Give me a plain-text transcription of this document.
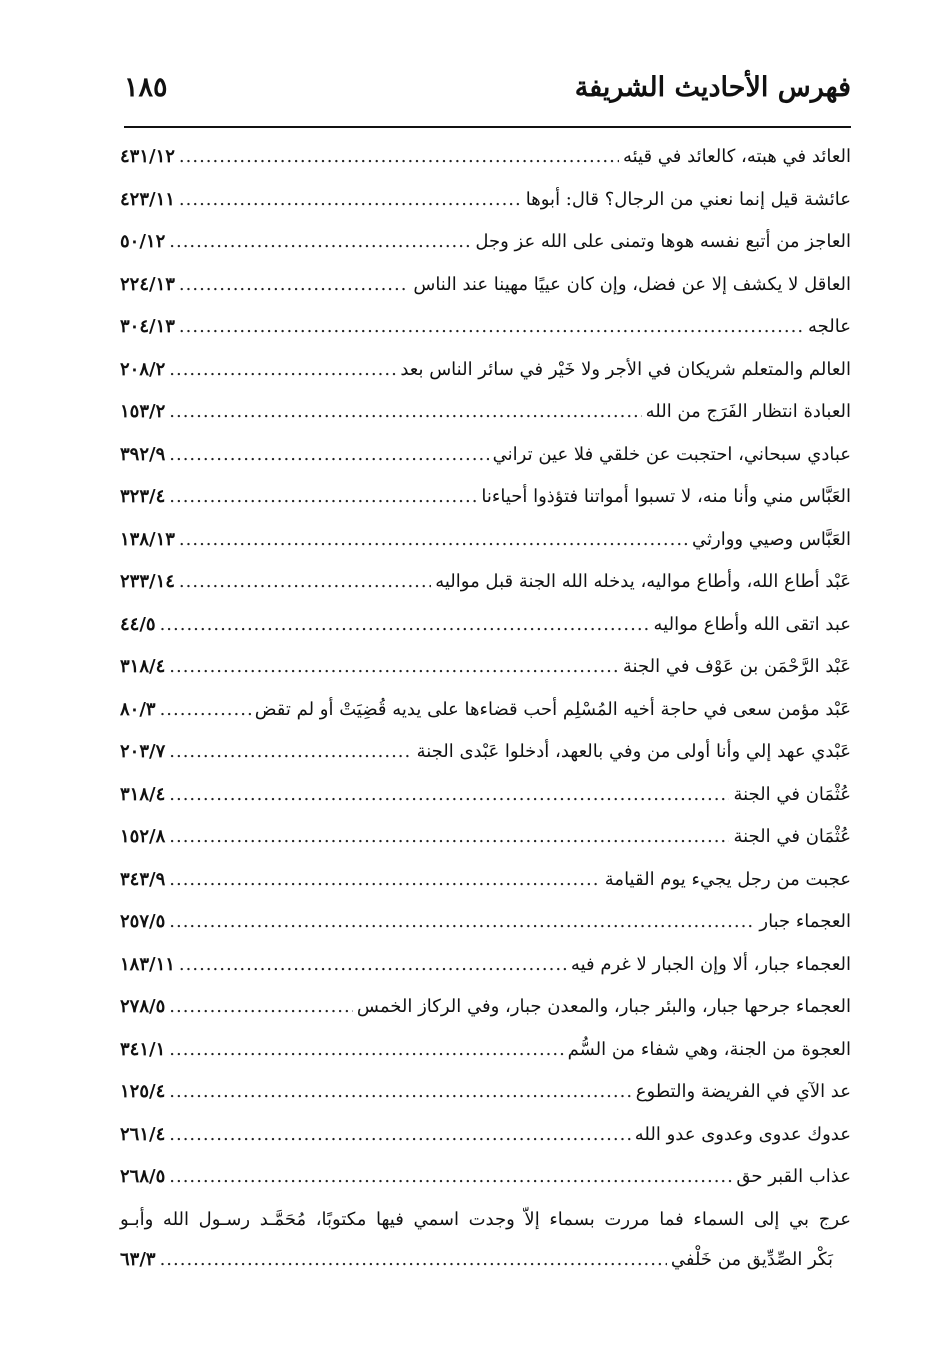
فهرس الأحاديث الشريفة
١٨٥
العائد في هبته، كالعائد في قيئه
.....
٤٣١/١٢
عائشة قيل إنما نعني من الرجال؟ قال: أبوها
.....
٤٢٣/١١
العاجز من أتبع نفسه هوها وتمنى على الله عز وجل
.....
٥٠/١٢
العاقل لا يكشف إلا عن فضل، وإن كان عييًا مهينا عند الناس
.....
٢٢٤/١٣
عالجه
.....
٣٠٤/١٣
العالم والمتعلم شريكان في الأجر ولا خَيْر في سائر الناس بعد
.....
٢٠٨/٢
العبادة انتظار الفَرَج من الله
.....
١٥٣/٢
عبادي سبحاني، احتجبت عن خلقي فلا عين تراني
.....
٣٩٢/٩
العَبَّاس مني وأنا منه، لا تسبوا أمواتنا فتؤذوا أحياءنا
.....
٣٢٣/٤
العَبَّاس وصيي ووارثي
.....
١٣٨/١٣
عَبْد أطاع الله، وأطاع مواليه، يدخله الله الجنة قبل مواليه
.....
٢٣٣/١٤
عبد اتقى الله وأطاع مواليه
.....
٤٤/٥
عَبْد الرَّحْمَن بن عَوْف في الجنة
.....
٣١٨/٤
عَبْد مؤمن سعى في حاجة أخيه المُسْلِم أحب قضاءها على يديه قُضِيَتْ أو لم تقض
.....
٨٠/٣
عَبْدي عهد إلي وأنا أولى من وفي بالعهد، أدخلوا عَبْدى الجنة
.....
٢٠٣/٧
عُثْمَان في الجنة
.....
٣١٨/٤
عُثْمَان في الجنة
.....
١٥٢/٨
عجبت من رجل يجيء يوم القيامة
.....
٣٤٣/٩
العجماء جبار
.....
٢٥٧/٥
العجماء جبار، ألا وإن الجبار لا غرم فيه
.....
١٨٣/١١
العجماء جرحها جبار، والبئر جبار، والمعدن جبار، وفي الركاز الخمس
.....
٢٧٨/٥
العجوة من الجنة، وهي شفاء من السُّم
.....
٣٤١/١
عد الآي في الفريضة والتطوع
.....
١٢٥/٤
عدوك عدوى وعدوى عدو الله
.....
٢٦١/٤
عذاب القبر حق
.....
٢٦٨/٥
عرج بي إلى السماء فما مررت بسماء إلاّ وجدت اسمي فيها مكتوبًا، مُحَمَّـد رسـول الله وأبـو
بَكْر الصِّدِّيق من خَلْفي
.....
٦٣/٣
